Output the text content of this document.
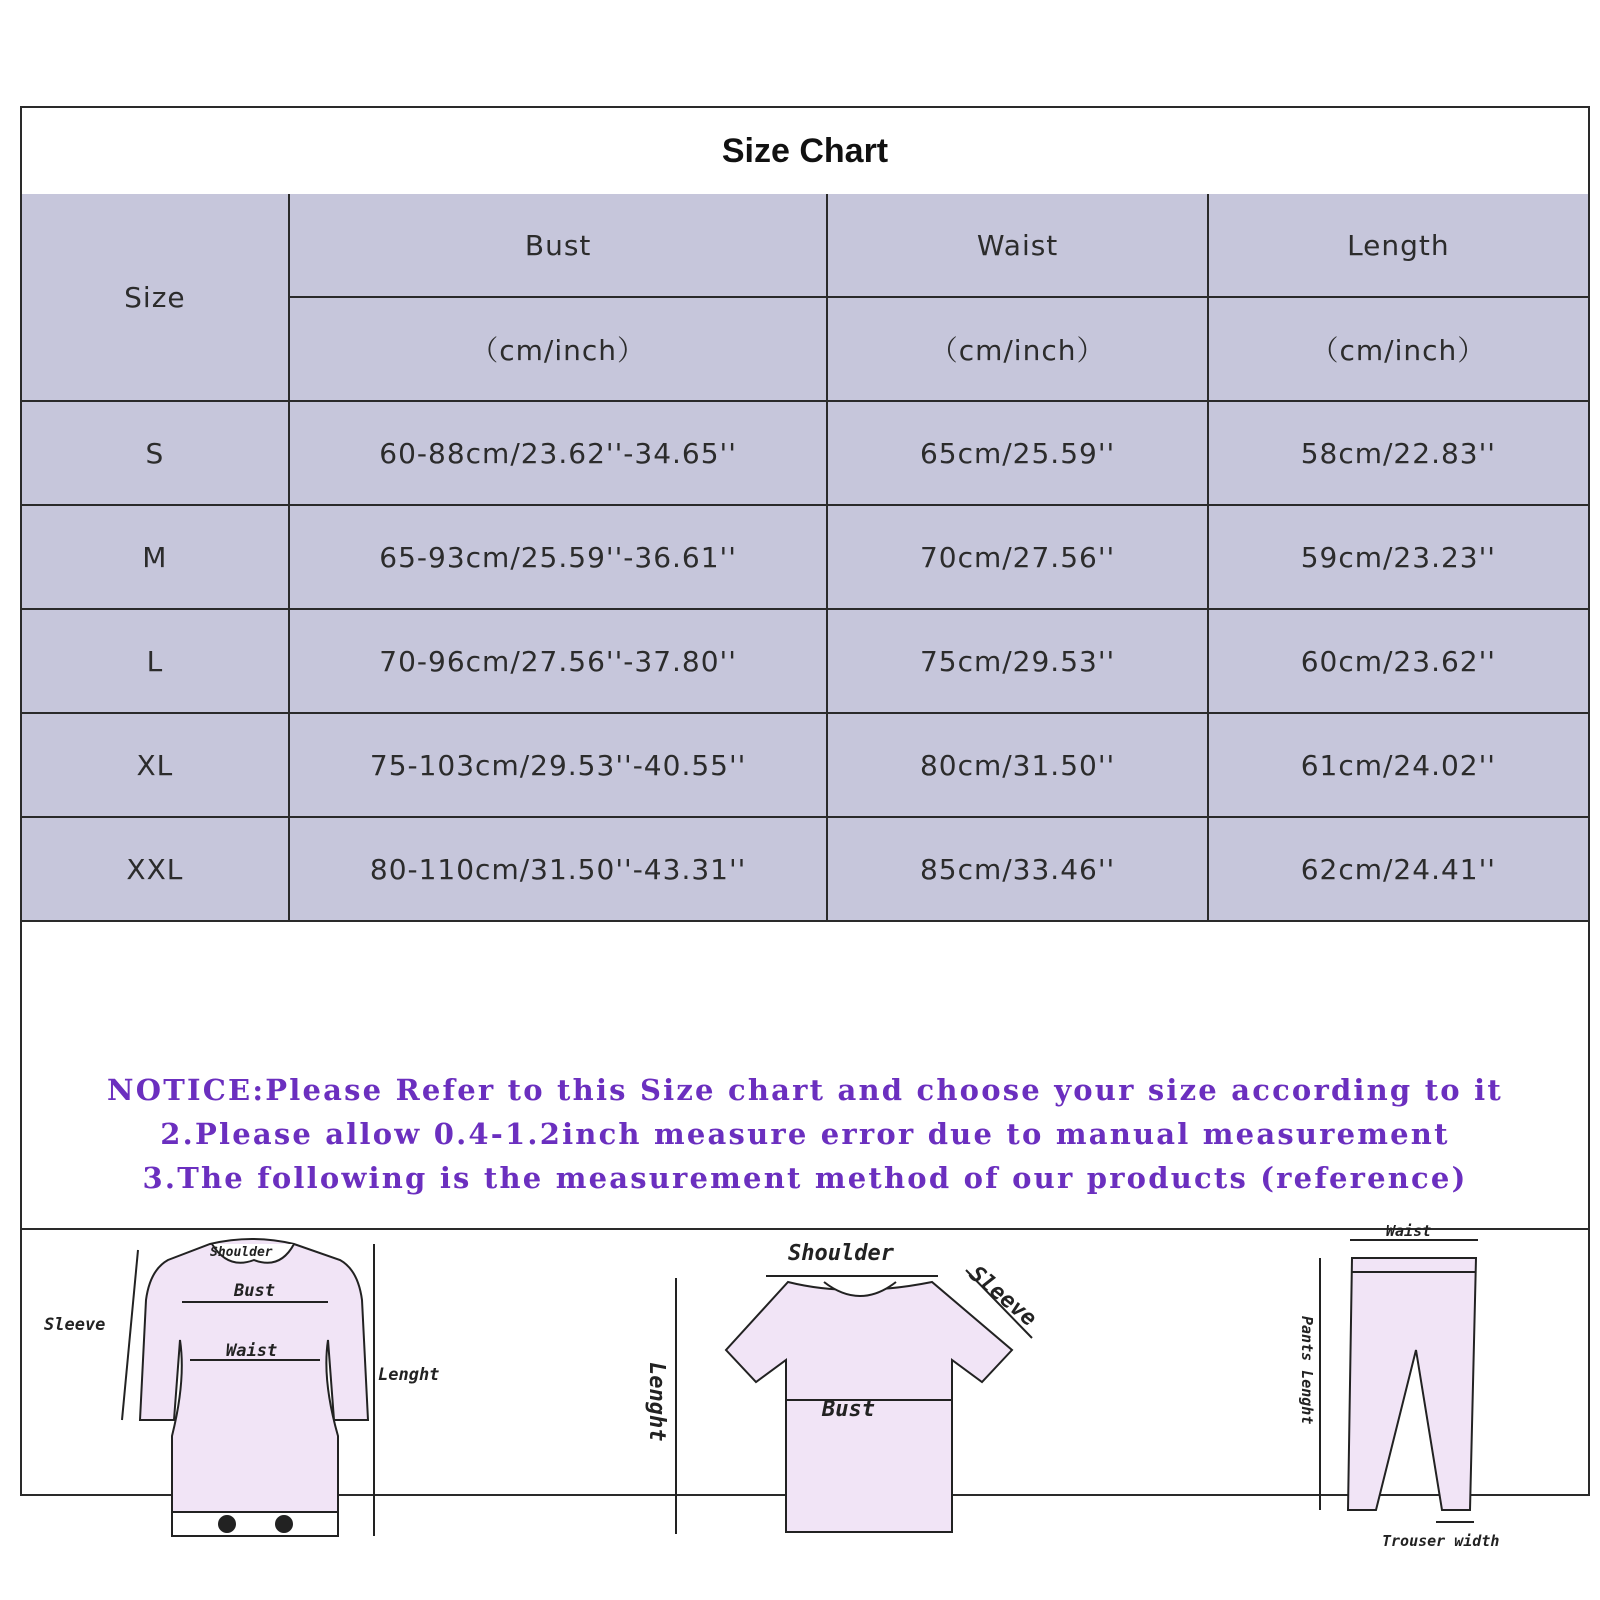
Size Chart
Size	Bust	Waist	Length
	（cm/inch）	（cm/inch）	（cm/inch）
S	60-88cm/23.62''-34.65''	65cm/25.59''	58cm/22.83''
M	65-93cm/25.59''-36.61''	70cm/27.56''	59cm/23.23''
L	70-96cm/27.56''-37.80''	75cm/29.53''	60cm/23.62''
XL	75-103cm/29.53''-40.55''	80cm/31.50''	61cm/24.02''
XXL	80-110cm/31.50''-43.31''	85cm/33.46''	62cm/24.41''
NOTICE:Please Refer to this Size chart and choose your size according to it
2.Please allow 0.4-1.2inch measure error due to manual measurement
3.The following is the measurement method of our products (reference)
Shoulder
Bust
Waist
Sleeve
Lenght
Shoulder
Sleeve
Bust
Lenght
Waist
Pants Lenght
Trouser width
